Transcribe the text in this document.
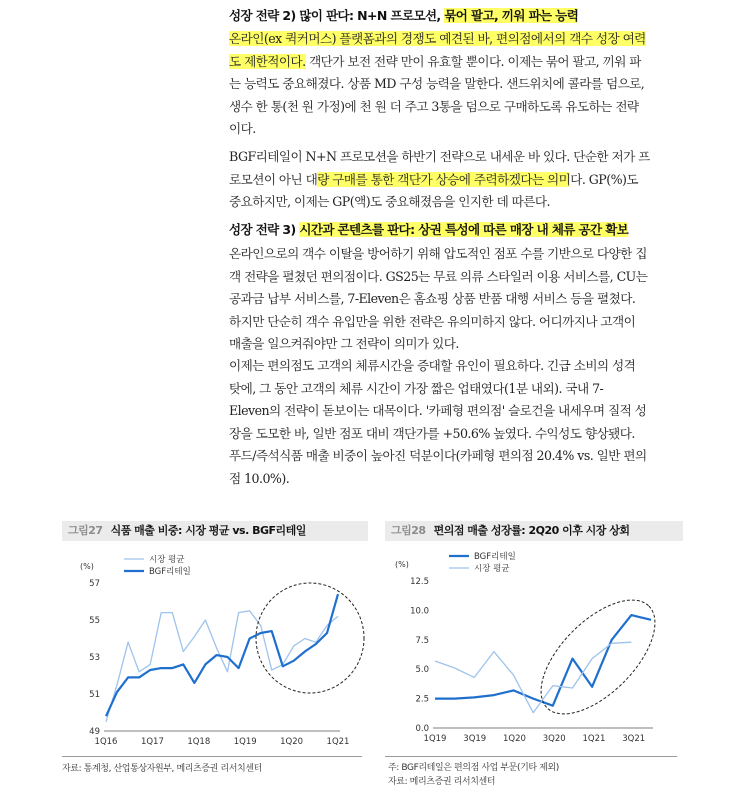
성장 전략 2) 많이 판다: N+N 프로모션, 묶어 팔고, 끼워 파는 능력
온라인(ex 퀵커머스) 플랫폼과의 경쟁도 예견된 바, 편의점에서의 객수 성장 여력
도 제한적이다. 객단가 보전 전략 만이 유효할 뿐이다. 이제는 묶어 팔고, 끼워 파
는 능력도 중요해졌다. 상품 MD 구성 능력을 말한다. 샌드위치에 콜라를 덤으로,
생수 한 통(천 원 가정)에 천 원 더 주고 3통을 덤으로 구매하도록 유도하는 전략
이다.
BGF리테일이 N+N 프로모션을 하반기 전략으로 내세운 바 있다. 단순한 저가 프
로모션이 아닌 대량 구매를 통한 객단가 상승에 주력하겠다는 의미다. GP(%)도
중요하지만, 이제는 GP(액)도 중요해졌음을 인지한 데 따른다.
성장 전략 3) 시간과 콘텐츠를 판다: 상권 특성에 따른 매장 내 체류 공간 확보
온라인으로의 객수 이탈을 방어하기 위해 압도적인 점포 수를 기반으로 다양한 집
객 전략을 펼쳤던 편의점이다. GS25는 무료 의류 스타일러 이용 서비스를, CU는
공과금 납부 서비스를, 7-Eleven은 홈쇼핑 상품 반품 대행 서비스 등을 펼쳤다.
하지만 단순히 객수 유입만을 위한 전략은 유의미하지 않다. 어디까지나 고객이
매출을 일으켜줘야만 그 전략이 의미가 있다.
이제는 편의점도 고객의 체류시간을 증대할 유인이 필요하다. 긴급 소비의 성격
탓에, 그 동안 고객의 체류 시간이 가장 짧은 업태였다(1분 내외). 국내 7-
Eleven의 전략이 돋보이는 대목이다. '카페형 편의점' 슬로건을 내세우며 질적 성
장을 도모한 바, 일반 점포 대비 객단가를 +50.6% 높였다. 수익성도 향상됐다.
푸드/즉석식품 매출 비중이 높아진 덕분이다(카페형 편의점 20.4% vs. 일반 편의
점 10.0%).
그림27 식품 매출 비중: 시장 평균 vs. BGF리테일
(%)
57
55
53
51
49
1Q16	1Q17	1Q18	1Q19	1Q20	1Q21
시장 평균
BGF리테일
자료: 통계청, 산업통상자원부, 메리츠증권 리서치센터
그림28 편의점 매출 성장률: 2Q20 이후 시장 상회
(%)
12.5
10.0
7.5
5.0
2.5
0.0
1Q19 3Q19 1Q20 3Q20 1Q21 3Q21
BGF리테일
시장 평균
주: BGF리테일은 편의점 사업 부문(기타 제외)
자료: 메리츠증권 리서치센터
